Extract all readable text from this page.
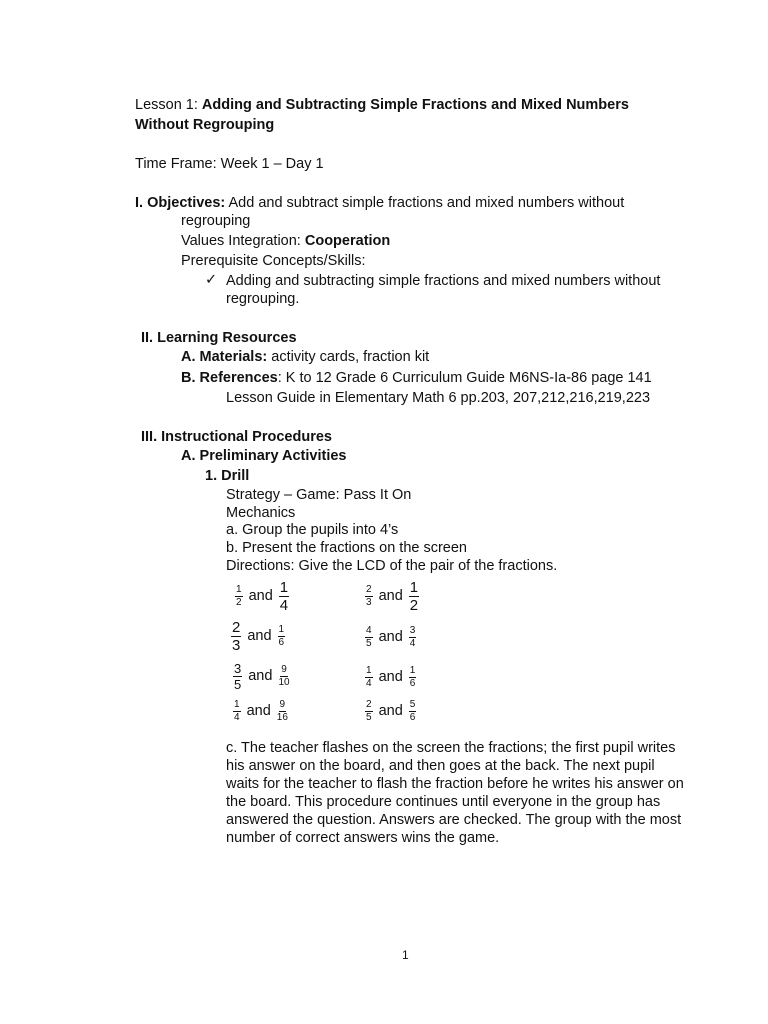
Lesson 1: Adding and Subtracting Simple Fractions and Mixed Numbers
Without Regrouping
Time Frame: Week 1 – Day 1
I. Objectives: Add and subtract simple fractions and mixed numbers without
regrouping
Values Integration: Cooperation
Prerequisite Concepts/Skills:
✓ Adding and subtracting simple fractions and mixed numbers without
regrouping.
II. Learning Resources
A. Materials: activity cards, fraction kit
B. References: K to 12 Grade 6 Curriculum Guide M6NS-Ia-86 page 141
Lesson Guide in Elementary Math 6 pp.203, 207,212,216,219,223
III. Instructional Procedures
A. Preliminary Activities
1. Drill
Strategy – Game: Pass It On
Mechanics
a. Group the pupils into 4’s
b. Present the fractions on the screen
Directions: Give the LCD of the pair of the fractions.
$\frac{1}{2}$ and $\frac{1}{4}$	$\frac{2}{3}$ and $\frac{1}{2}$
$\frac{2}{3}$ and $\frac{1}{6}$	$\frac{4}{5}$ and $\frac{3}{4}$
$\frac{3}{5}$ and $\frac{9}{10}$	$\frac{1}{4}$ and $\frac{1}{6}$
$\frac{1}{4}$ and $\frac{9}{16}$	$\frac{2}{5}$ and $\frac{5}{6}$
c. The teacher flashes on the screen the fractions; the first pupil writes his answer on the board, and then goes at the back. The next pupil waits for the teacher to flash the fraction before he writes his answer on the board. This procedure continues until everyone in the group has answered the question. Answers are checked. The group with the most number of correct answers wins the game.
1
